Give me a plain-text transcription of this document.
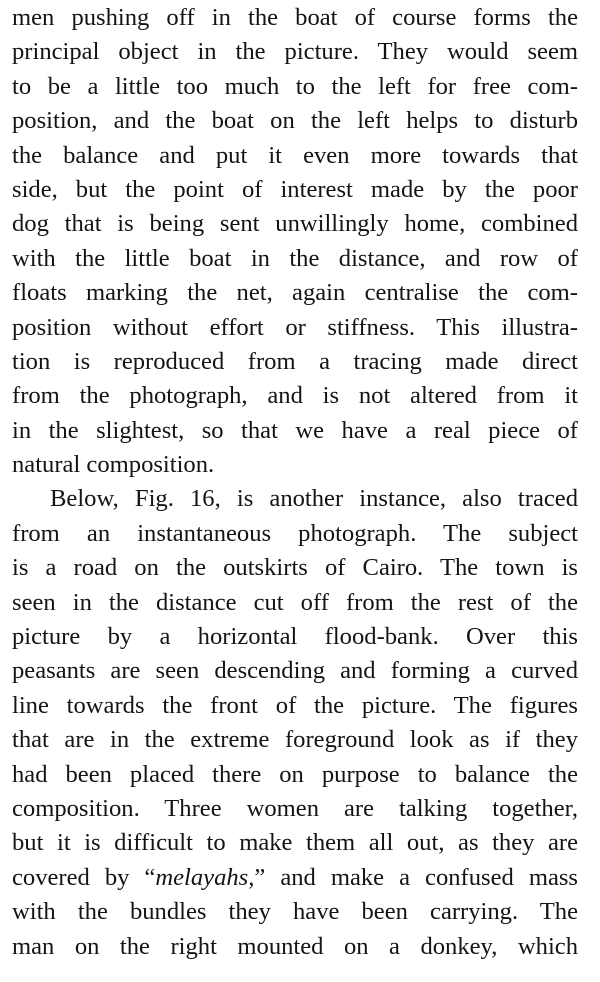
men pushing off in the boat of course forms the
principal object in the picture. They would seem
to be a little too much to the left for free com-
position, and the boat on the left helps to disturb
the balance and put it even more towards that
side, but the point of interest made by the poor
dog that is being sent unwillingly home, combined
with the little boat in the distance, and row of
floats marking the net, again centralise the com-
position without effort or stiffness. This illustra-
tion is reproduced from a tracing made direct
from the photograph, and is not altered from it
in the slightest, so that we have a real piece of
natural composition.
Below, Fig. 16, is another instance, also traced
from an instantaneous photograph. The subject
is a road on the outskirts of Cairo. The town is
seen in the distance cut off from the rest of the
picture by a horizontal flood-bank. Over this
peasants are seen descending and forming a curved
line towards the front of the picture. The figures
that are in the extreme foreground look as if they
had been placed there on purpose to balance the
composition. Three women are talking together,
but it is difficult to make them all out, as they are
covered by “melayahs,” and make a confused mass
with the bundles they have been carrying. The
man on the right mounted on a donkey, which
